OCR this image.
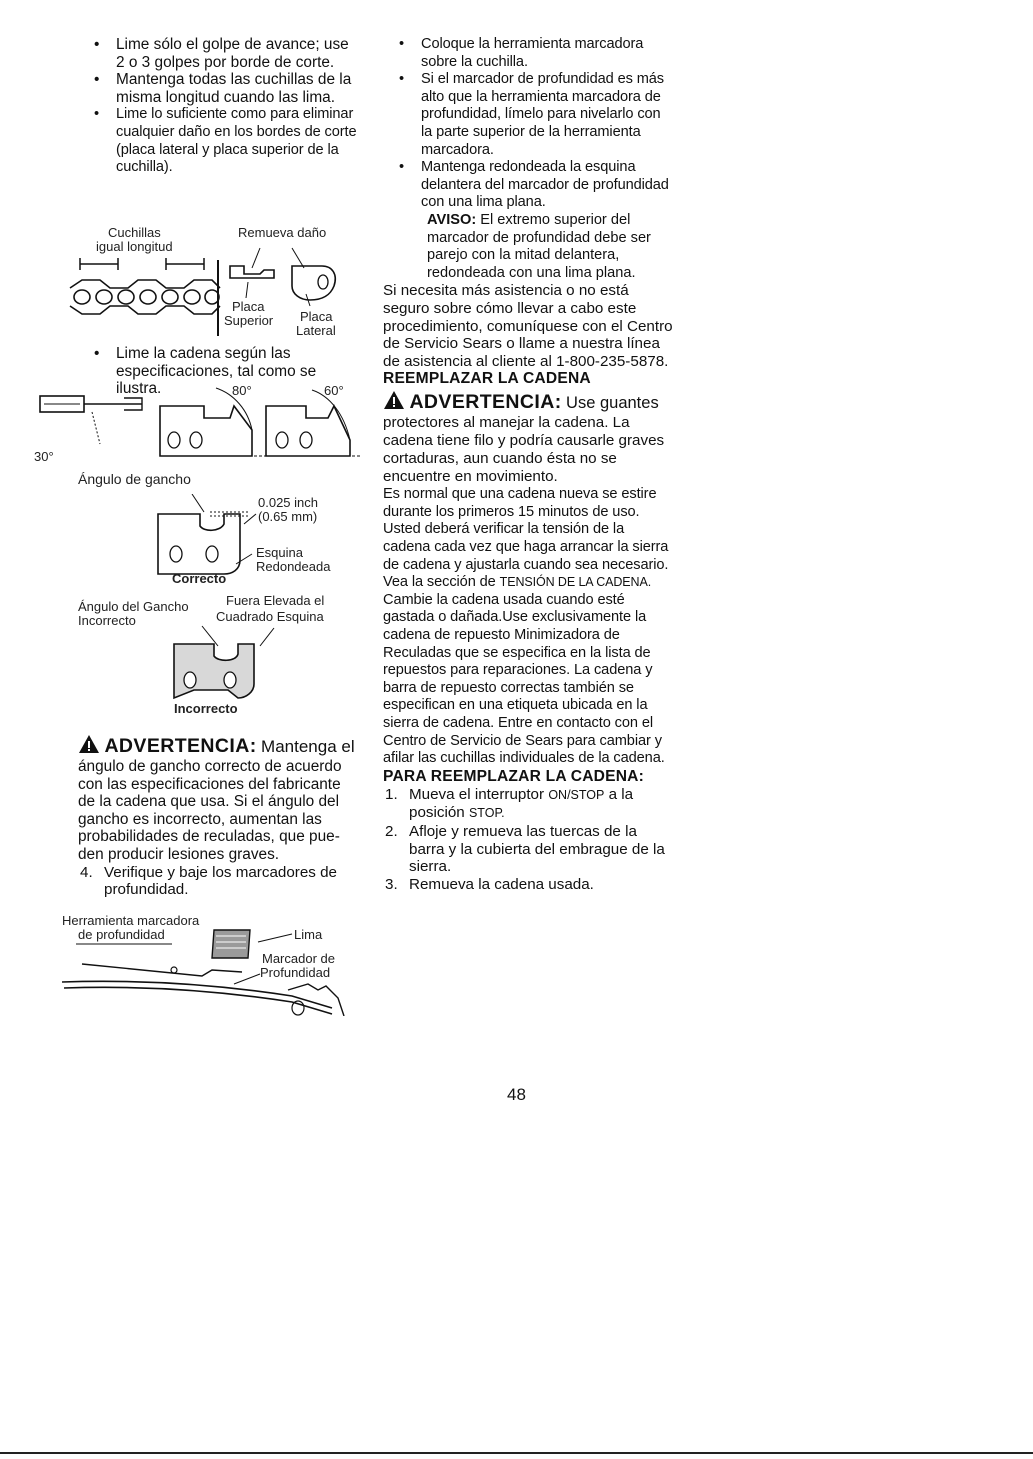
• Lime sólo el golpe de avance; use 2 o 3 golpes por borde de corte.
• Mantenga todas las cuchillas de la misma longitud cuando las lima.
• Lime lo suficiente como para eliminar cualquier daño en los bordes de corte (placa lateral y placa superior de la cuchilla).
Cuchillas
igual longitud
Remueva daño
Placa
Superior Placa
Lateral
• Lime la cadena según las especificaciones, tal como se ilustra.	80°	60°
30°
Ángulo de gancho
0.025 inch
(0.65 mm)
Esquina
Redondeada
Correcto
Ángulo del Gancho
Incorrecto
Fuera Elevada el
Cuadrado Esquina
Incorrecto
ADVERTENCIA: Mantenga el
ángulo de gancho correcto de acuerdo
con las especificaciones del fabricante
de la cadena que usa. Si el ángulo del
gancho es incorrecto, aumentan las
probabilidades de reculadas, que pue-
den producir lesiones graves.
4. Verifique y baje los marcadores de profundidad.
Herramienta marcadora
de profundidad	Lima
Marcador de
Profundidad
• Coloque la herramienta marcadora sobre la cuchilla.
• Si el marcador de profundidad es más alto que la herramienta marcadora de profundidad, límelo para nivelarlo con la parte superior de la herramienta marcadora.
• Mantenga redondeada la esquina delantera del marcador de profundidad con una lima plana.
AVISO: El extremo superior del marcador de profundidad debe ser parejo con la mitad delantera, redondeada con una lima plana.

Si necesita más asistencia o no está seguro sobre cómo llevar a cabo este procedimiento, comuníquese con el Centro de Servicio Sears o llame a nuestra línea de asistencia al cliente al 1-800-235-5878.

REEMPLAZAR LA CADENA

ADVERTENCIA: Use guantes protectores al manejar la cadena. La cadena tiene filo y podría causarle graves cortaduras, aun cuando ésta no se encuentre en movimiento.

Es normal que una cadena nueva se estire durante los primeros 15 minutos de uso. Usted deberá verificar la tensión de la cadena cada vez que haga arrancar la sierra de cadena y ajustarla cuando sea necesario. Vea la sección de TENSIÓN DE LA CADENA.

Cambie la cadena usada cuando esté gastada o dañada.Use exclusivamente la cadena de repuesto Minimizadora de Reculadas que se especifica en la lista de repuestos para reparaciones. La cadena y barra de repuesto correctas también se especifican en una etiqueta ubicada en la sierra de cadena. Entre en contacto con el Centro de Servicio de Sears para cambiar y afilar las cuchillas individuales de la cadena.

PARA REEMPLAZAR LA CADENA:

1. Mueva el interruptor ON/STOP a la posición STOP.
2. Afloje y remueva las tuercas de la barra y la cubierta del embrague de la sierra.
3. Remueva la cadena usada.
48
